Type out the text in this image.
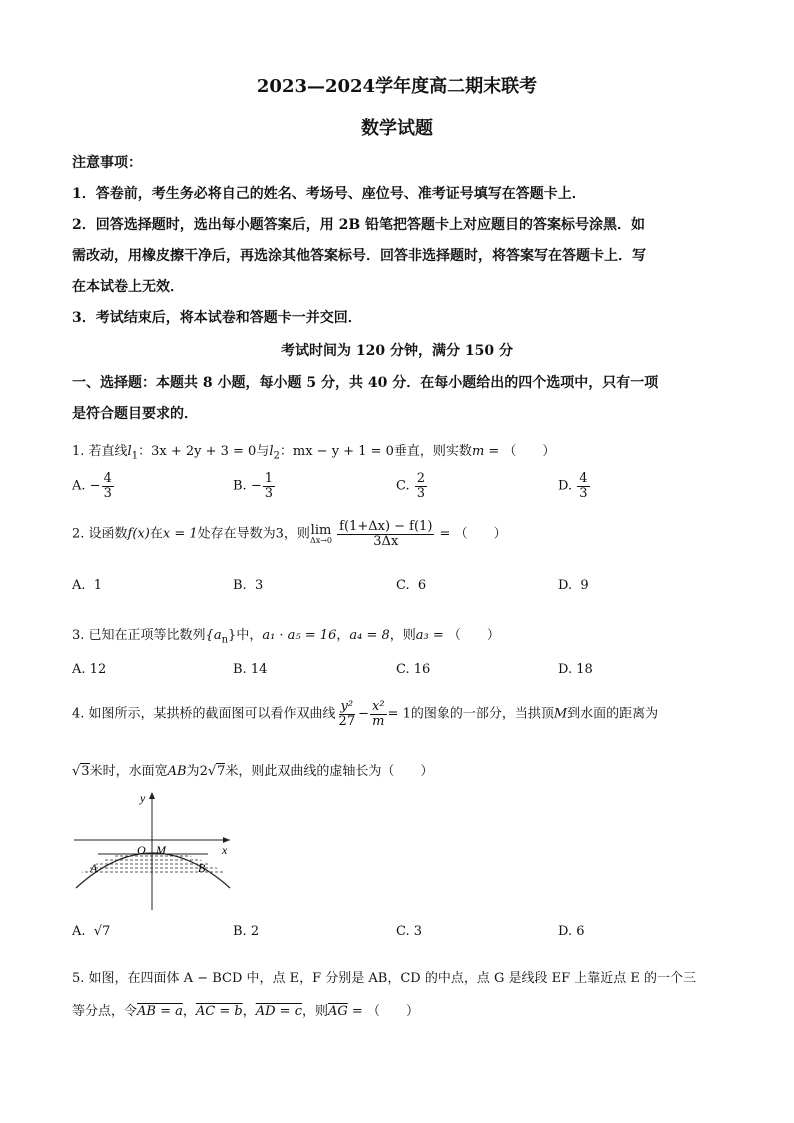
2023—2024学年度高二期末联考
数学试题
注意事项：
1．答卷前，考生务必将自己的姓名、考场号、座位号、准考证号填写在答题卡上．
2．回答选择题时，选出每小题答案后，用 2B 铅笔把答题卡上对应题目的答案标号涂黑．如
需改动，用橡皮擦干净后，再选涂其他答案标号．回答非选择题时，将答案写在答题卡上．写
在本试卷上无效．
3．考试结束后，将本试卷和答题卡一并交回．
考试时间为 120 分钟，满分 150 分
一、选择题：本题共 8 小题，每小题 5 分，共 40 分．在每小题给出的四个选项中，只有一项
是符合题目要求的．
1. 若直线$l_1$：3x + 2y + 3 = 0与$l_2$：mx − y + 1 = 0垂直，则实数m = （　　）
A. − $\frac{4}{3}$	B. − $\frac{1}{3}$	C. $\frac{2}{3}$	D. $\frac{4}{3}$
2. 设函数f(x)在x = 1处存在导数为3，则 lim
Δx→0
$\frac{f(1+\Delta x) - f(1)}{3\Delta x}$ = （　　）
A. 1	B. 3	C. 6	D. 9
3. 已知在正项等比数列$\{a_n\}$中，a₁ · a₅ = 16，a₄ = 8，则a₃ = （　　）
A. 12	B. 14	C. 16	D. 18
4. 如图所示，某拱桥的截面图可以看作双曲线 $\frac{\text{y²}}{27} - \frac{\text{x²}}{m} = 1$的图象的一部分，当拱顶M到水面的距离为
√3米时，水面宽AB为2√7米，则此双曲线的虚轴长为（　　）
y
x
O M
A	B
A. √7	B. 2	C. 3	D. 6
5. 如图，在四面体 A − BCD 中，点 E，F 分别是 AB，CD 的中点，点 G 是线段 EF 上靠近点 E 的一个三
等分点，令AB = a，AC = b，AD = c，则$\overline{AG}$ = （　　）
